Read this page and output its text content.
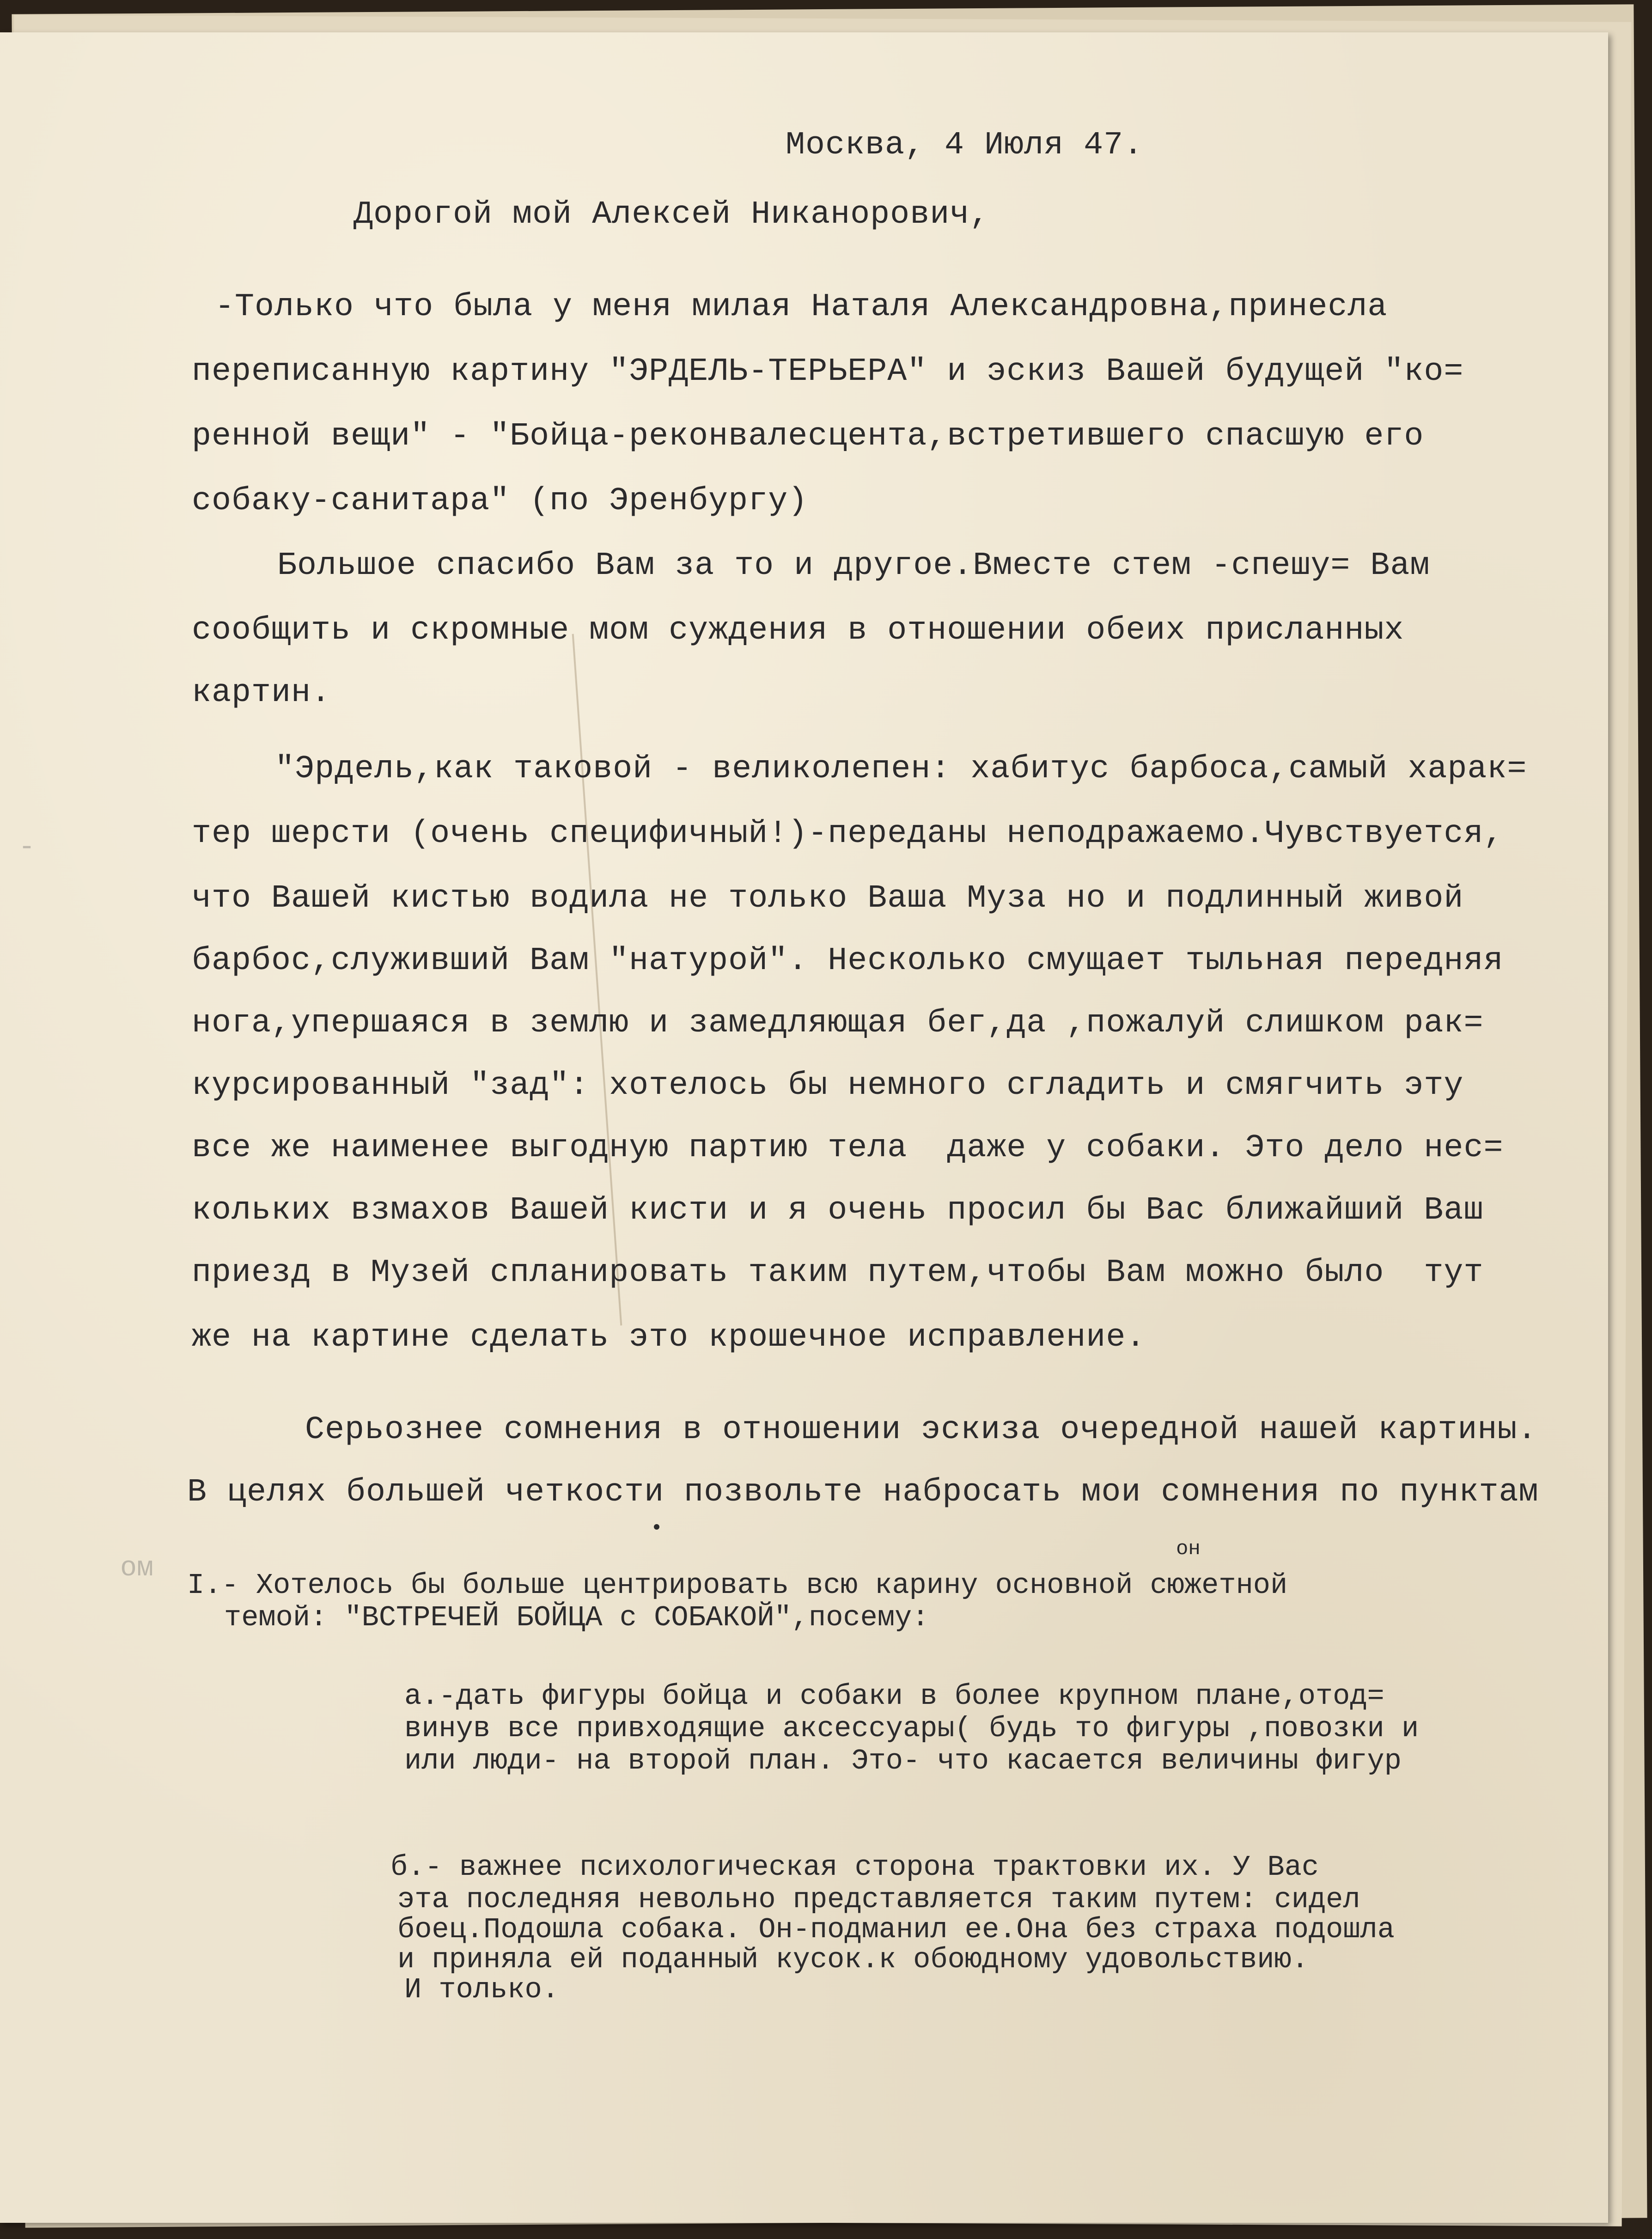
-
ом
Москва, 4 Июля 47.
Дорогой мой Алексей Никанорович,
-Только что была у меня милая Наталя Александровна,принесла
переписанную картину "ЭРДЕЛЬ-ТЕРЬЕРА" и эскиз Вашей будущей "ко=
ренной вещи" - "Бойца-реконвалесцента,встретившего спасшую его
собаку-санитара" (по Эренбургу)
Большое спасибо Вам за то и другое.Вместе стем -спешу= Вам
сообщить и скромные мом суждения в отношении обеих присланных
картин.
"Эрдель,как таковой - великолепен: хабитус барбоса,самый харак=
тер шерсти (очень специфичный!)-переданы неподражаемо.Чувствуется,
что Вашей кистью водила не только Ваша Муза но и подлинный живой
барбос,служивший Вам "натурой". Несколько смущает тыльная передняя
нога,упершаяся в землю и замедляющая бег,да ,пожалуй слишком рак=
курсированный "зад": хотелось бы немного сгладить и смягчить эту
все же наименее выгодную партию тела  даже у собаки. Это дело нес=
кольких взмахов Вашей кисти и я очень просил бы Вас ближайший Ваш
приезд в Музей спланировать таким путем,чтобы Вам можно было  тут
же на картине сделать это крошечное исправление.
Серьознее сомнения в отношении эскиза очередной нашей картины.
В целях большей четкости позвольте набросать мои сомнения по пунктам
он
I.- Хотелось бы больше центрировать всю карину основной сюжетной
темой: "ВСТРЕЧЕЙ БОЙЦА с СОБАКОЙ",посему:
а.-дать фигуры бойца и собаки в более крупном плане,отод=
винув все привходящие аксессуары( будь то фигуры ,повозки и
или люди- на второй план. Это- что касается величины фигур
б.- важнее психологическая сторона трактовки их. У Вас
эта последняя невольно представляется таким путем: сидел
боец.Подошла собака. Он-подманил ее.Она без страха подошла
и приняла ей поданный кусок.к обоюдному удовольствию.
И только.
